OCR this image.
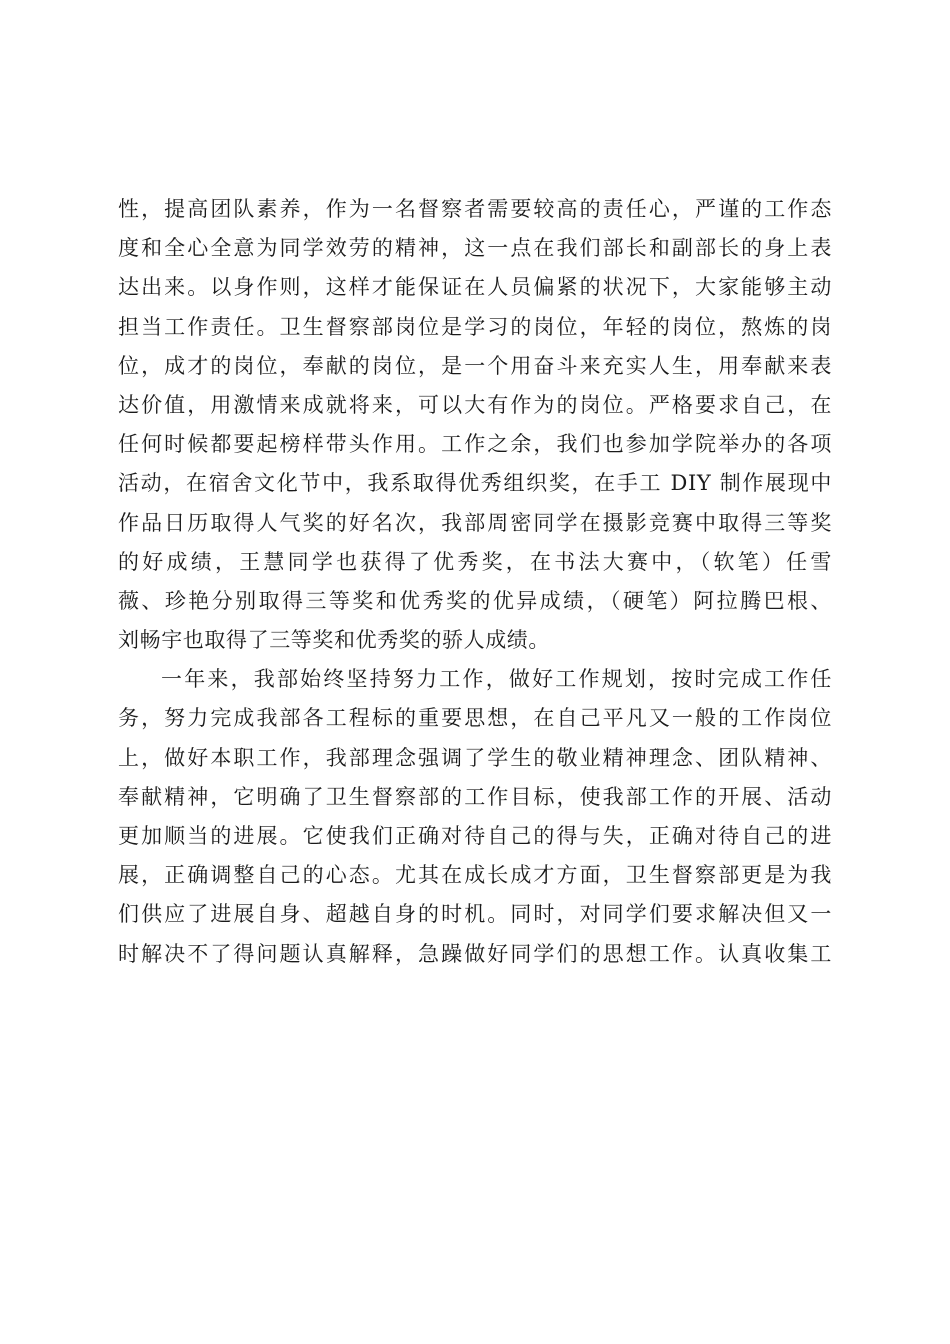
性，提高团队素养，作为一名督察者需要较高的责任心，严谨的工作态
度和全心全意为同学效劳的精神，这一点在我们部长和副部长的身上表
达出来。以身作则，这样才能保证在人员偏紧的状况下，大家能够主动
担当工作责任。卫生督察部岗位是学习的岗位，年轻的岗位，熬炼的岗
位，成才的岗位，奉献的岗位，是一个用奋斗来充实人生，用奉献来表
达价值，用激情来成就将来，可以大有作为的岗位。严格要求自己，在
任何时候都要起榜样带头作用。工作之余，我们也参加学院举办的各项
活动，在宿舍文化节中，我系取得优秀组织奖，在手工 DIY 制作展现中
作品日历取得人气奖的好名次，我部周密同学在摄影竞赛中取得三等奖
的好成绩，王慧同学也获得了优秀奖，在书法大赛中，（软笔）任雪
薇、珍艳分别取得三等奖和优秀奖的优异成绩，（硬笔）阿拉腾巴根、
刘畅宇也取得了三等奖和优秀奖的骄人成绩。
一年来，我部始终坚持努力工作，做好工作规划，按时完成工作任
务，努力完成我部各工程标的重要思想，在自己平凡又一般的工作岗位
上，做好本职工作，我部理念强调了学生的敬业精神理念、团队精神、
奉献精神，它明确了卫生督察部的工作目标，使我部工作的开展、活动
更加顺当的进展。它使我们正确对待自己的得与失，正确对待自己的进
展，正确调整自己的心态。尤其在成长成才方面，卫生督察部更是为我
们供应了进展自身、超越自身的时机。同时，对同学们要求解决但又一
时解决不了得问题认真解释，急躁做好同学们的思想工作。认真收集工
